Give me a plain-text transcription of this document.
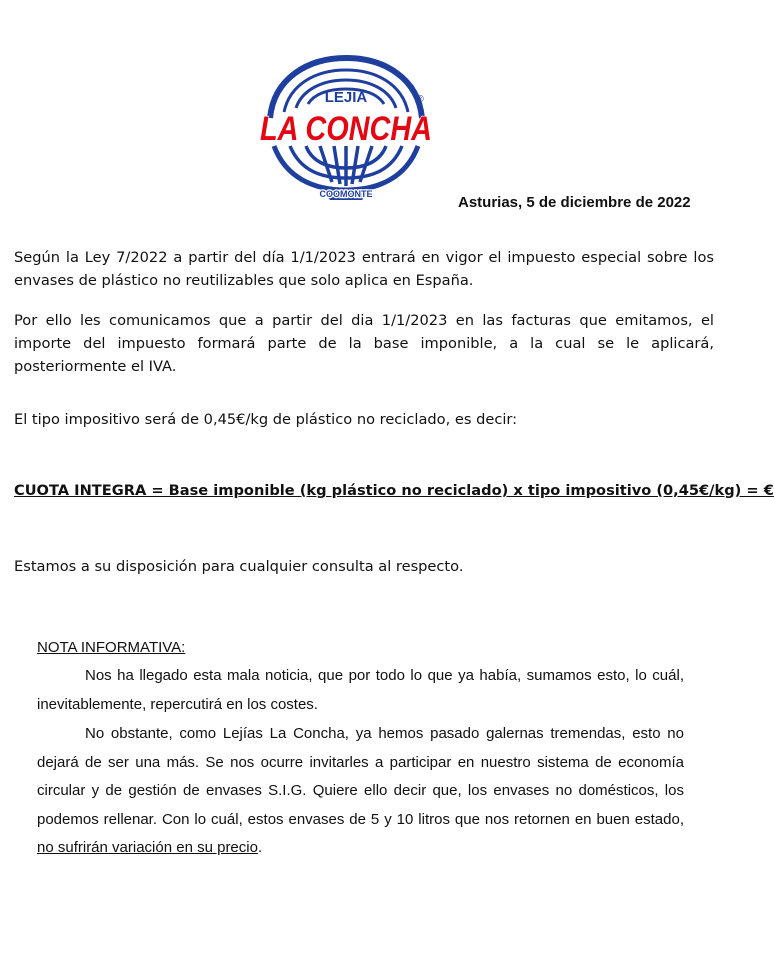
LEJIA	®
LA CONCHA
COOMONTE	Asturias, 5 de diciembre de 2022
Según la Ley 7/2022 a partir del día 1/1/2023 entrará en vigor el impuesto especial sobre los envases de plástico no reutilizables que solo aplica en España.
Por ello les comunicamos que a partir del dia 1/1/2023 en las facturas que emitamos, el importe del impuesto formará parte de la base imponible, a la cual se le aplicará, posteriormente el IVA.
El tipo impositivo será de 0,45€/kg de plástico no reciclado, es decir:
CUOTA INTEGRA = Base imponible (kg plástico no reciclado) x tipo impositivo (0,45€/kg) = €
Estamos a su disposición para cualquier consulta al respecto.
NOTA INFORMATIVA:
Nos ha llegado esta mala noticia, que por todo lo que ya había, sumamos esto, lo cuál, inevitablemente, repercutirá en los costes.
No obstante, como Lejías La Concha, ya hemos pasado galernas tremendas, esto no dejará de ser una más. Se nos ocurre invitarles a participar en nuestro sistema de economía circular y de gestión de envases S.I.G. Quiere ello decir que, los envases no domésticos, los podemos rellenar. Con lo cuál, estos envases de 5 y 10 litros que nos retornen en buen estado, no sufrirán variación en su precio.
